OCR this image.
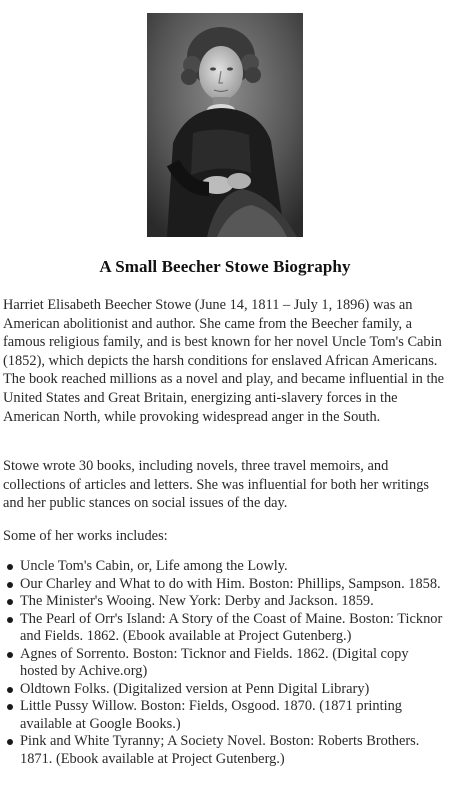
A Small Beecher Stowe Biography

Harriet Elisabeth Beecher Stowe (June 14, 1811 – July 1, 1896) was an American abolitionist and author. She came from the Beecher family, a famous religious family, and is best known for her novel Uncle Tom's Cabin (1852), which depicts the harsh conditions for enslaved African Americans. The book reached millions as a novel and play, and became influential in the United States and Great Britain, energizing anti-slavery forces in the American North, while provoking widespread anger in the South.

Stowe wrote 30 books, including novels, three travel memoirs, and collections of articles and letters. She was influential for both her writings and her public stances on social issues of the day.

Some of her works includes:

Uncle Tom's Cabin, or, Life among the Lowly.
Our Charley and What to do with Him. Boston: Phillips, Sampson. 1858.
The Minister's Wooing. New York: Derby and Jackson. 1859.
The Pearl of Orr's Island: A Story of the Coast of Maine. Boston: Ticknor and Fields. 1862. (Ebook available at Project Gutenberg.)
Agnes of Sorrento. Boston: Ticknor and Fields. 1862. (Digital copy hosted by Achive.org)
Oldtown Folks. (Digitalized version at Penn Digital Library)
Little Pussy Willow. Boston: Fields, Osgood. 1870. (1871 printing available at Google Books.)
Pink and White Tyranny; A Society Novel. Boston: Roberts Brothers. 1871. (Ebook available at Project Gutenberg.)
